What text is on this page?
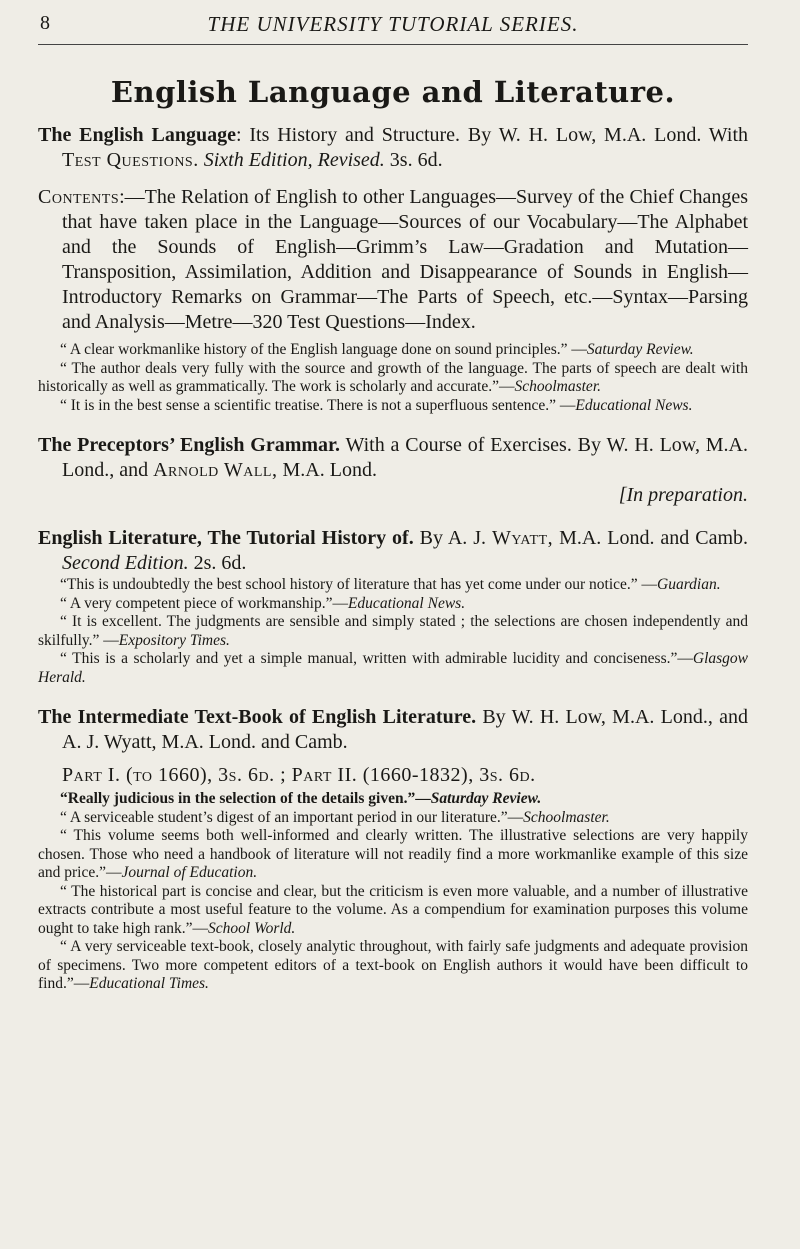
8	THE UNIVERSITY TUTORIAL SERIES.
English Language and Literature.

The English Language: Its History and Structure. By W. H. Low, M.A. Lond. With Test Questions. Sixth Edition, Revised. 3s. 6d.

Contents:—The Relation of English to other Languages—Survey of the Chief Changes that have taken place in the Language—Sources of our Vocabulary—The Alphabet and the Sounds of English—Grimm’s Law—Gradation and Mutation—Transposition, Assimilation, Addition and Disappearance of Sounds in English—Introductory Remarks on Grammar—The Parts of Speech, etc.—Syntax—Parsing and Analysis—Metre—320 Test Questions—Index.

“ A clear workmanlike history of the English language done on sound principles.” —Saturday Review.

“ The author deals very fully with the source and growth of the language. The parts of speech are dealt with historically as well as grammatically. The work is scholarly and accurate.”—Schoolmaster.

“ It is in the best sense a scientific treatise. There is not a superfluous sentence.” —Educational News.

The Preceptors’ English Grammar. With a Course of Exercises. By W. H. Low, M.A. Lond., and Arnold Wall, M.A. Lond.

[In preparation.

English Literature, The Tutorial History of. By A. J. Wyatt, M.A. Lond. and Camb. Second Edition. 2s. 6d.

“This is undoubtedly the best school history of literature that has yet come under our notice.” —Guardian.

“ A very competent piece of workmanship.”—Educational News.

“ It is excellent. The judgments are sensible and simply stated ; the selections are chosen independently and skilfully.” —Expository Times.

“ This is a scholarly and yet a simple manual, written with admirable lucidity and conciseness.”—Glasgow Herald.

The Intermediate Text-Book of English Literature. By W. H. Low, M.A. Lond., and A. J. Wyatt, M.A. Lond. and Camb.

Part I. (to 1660), 3s. 6d. ; Part II. (1660-1832), 3s. 6d.

“Really judicious in the selection of the details given.”—Saturday Review.

“ A serviceable student’s digest of an important period in our literature.”—Schoolmaster.

“ This volume seems both well-informed and clearly written. The illustrative selections are very happily chosen. Those who need a handbook of literature will not readily find a more workmanlike example of this size and price.”—Journal of Education.

“ The historical part is concise and clear, but the criticism is even more valuable, and a number of illustrative extracts contribute a most useful feature to the volume. As a compendium for examination purposes this volume ought to take high rank.”—School World.

“ A very serviceable text-book, closely analytic throughout, with fairly safe judgments and adequate provision of specimens. Two more competent editors of a text-book on English authors it would have been difficult to find.”—Educational Times.
